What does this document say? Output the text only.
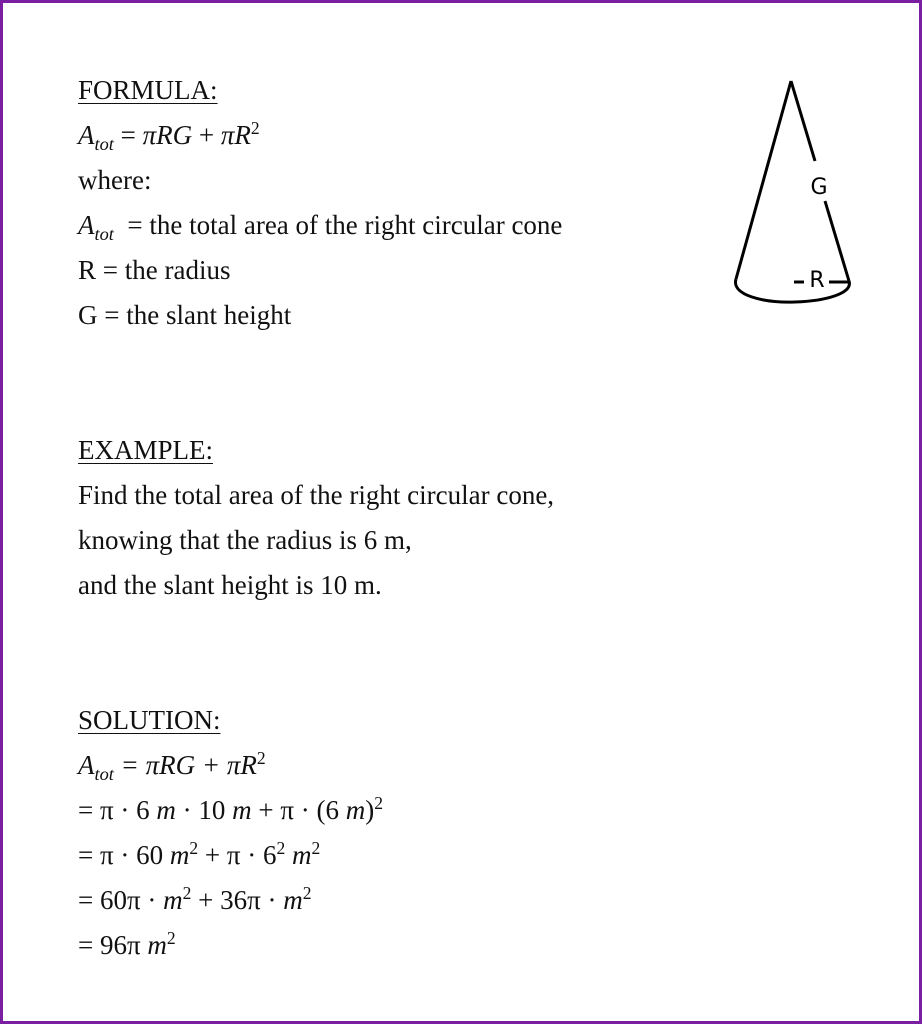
FORMULA:
$A_{tot} = \pi RG + \pi R^2$
where:
$A_{tot}$  = the total area of the right circular cone
R = the radius
G = the slant height
G
R
EXAMPLE:
Find the total area of the right circular cone,
knowing that the radius is 6 m,
and the slant height is 10 m.
SOLUTION:
$A_{tot} = \pi RG + \pi R^2$
= π · 6 m · 10 m + π · (6 m)$^2$
= π · 60 $m^2 + \pi \cdot 6^2$ $m^2$
= $60\pi \cdot m^2 + 36\pi \cdot m^2$
= 96π $m^2$
